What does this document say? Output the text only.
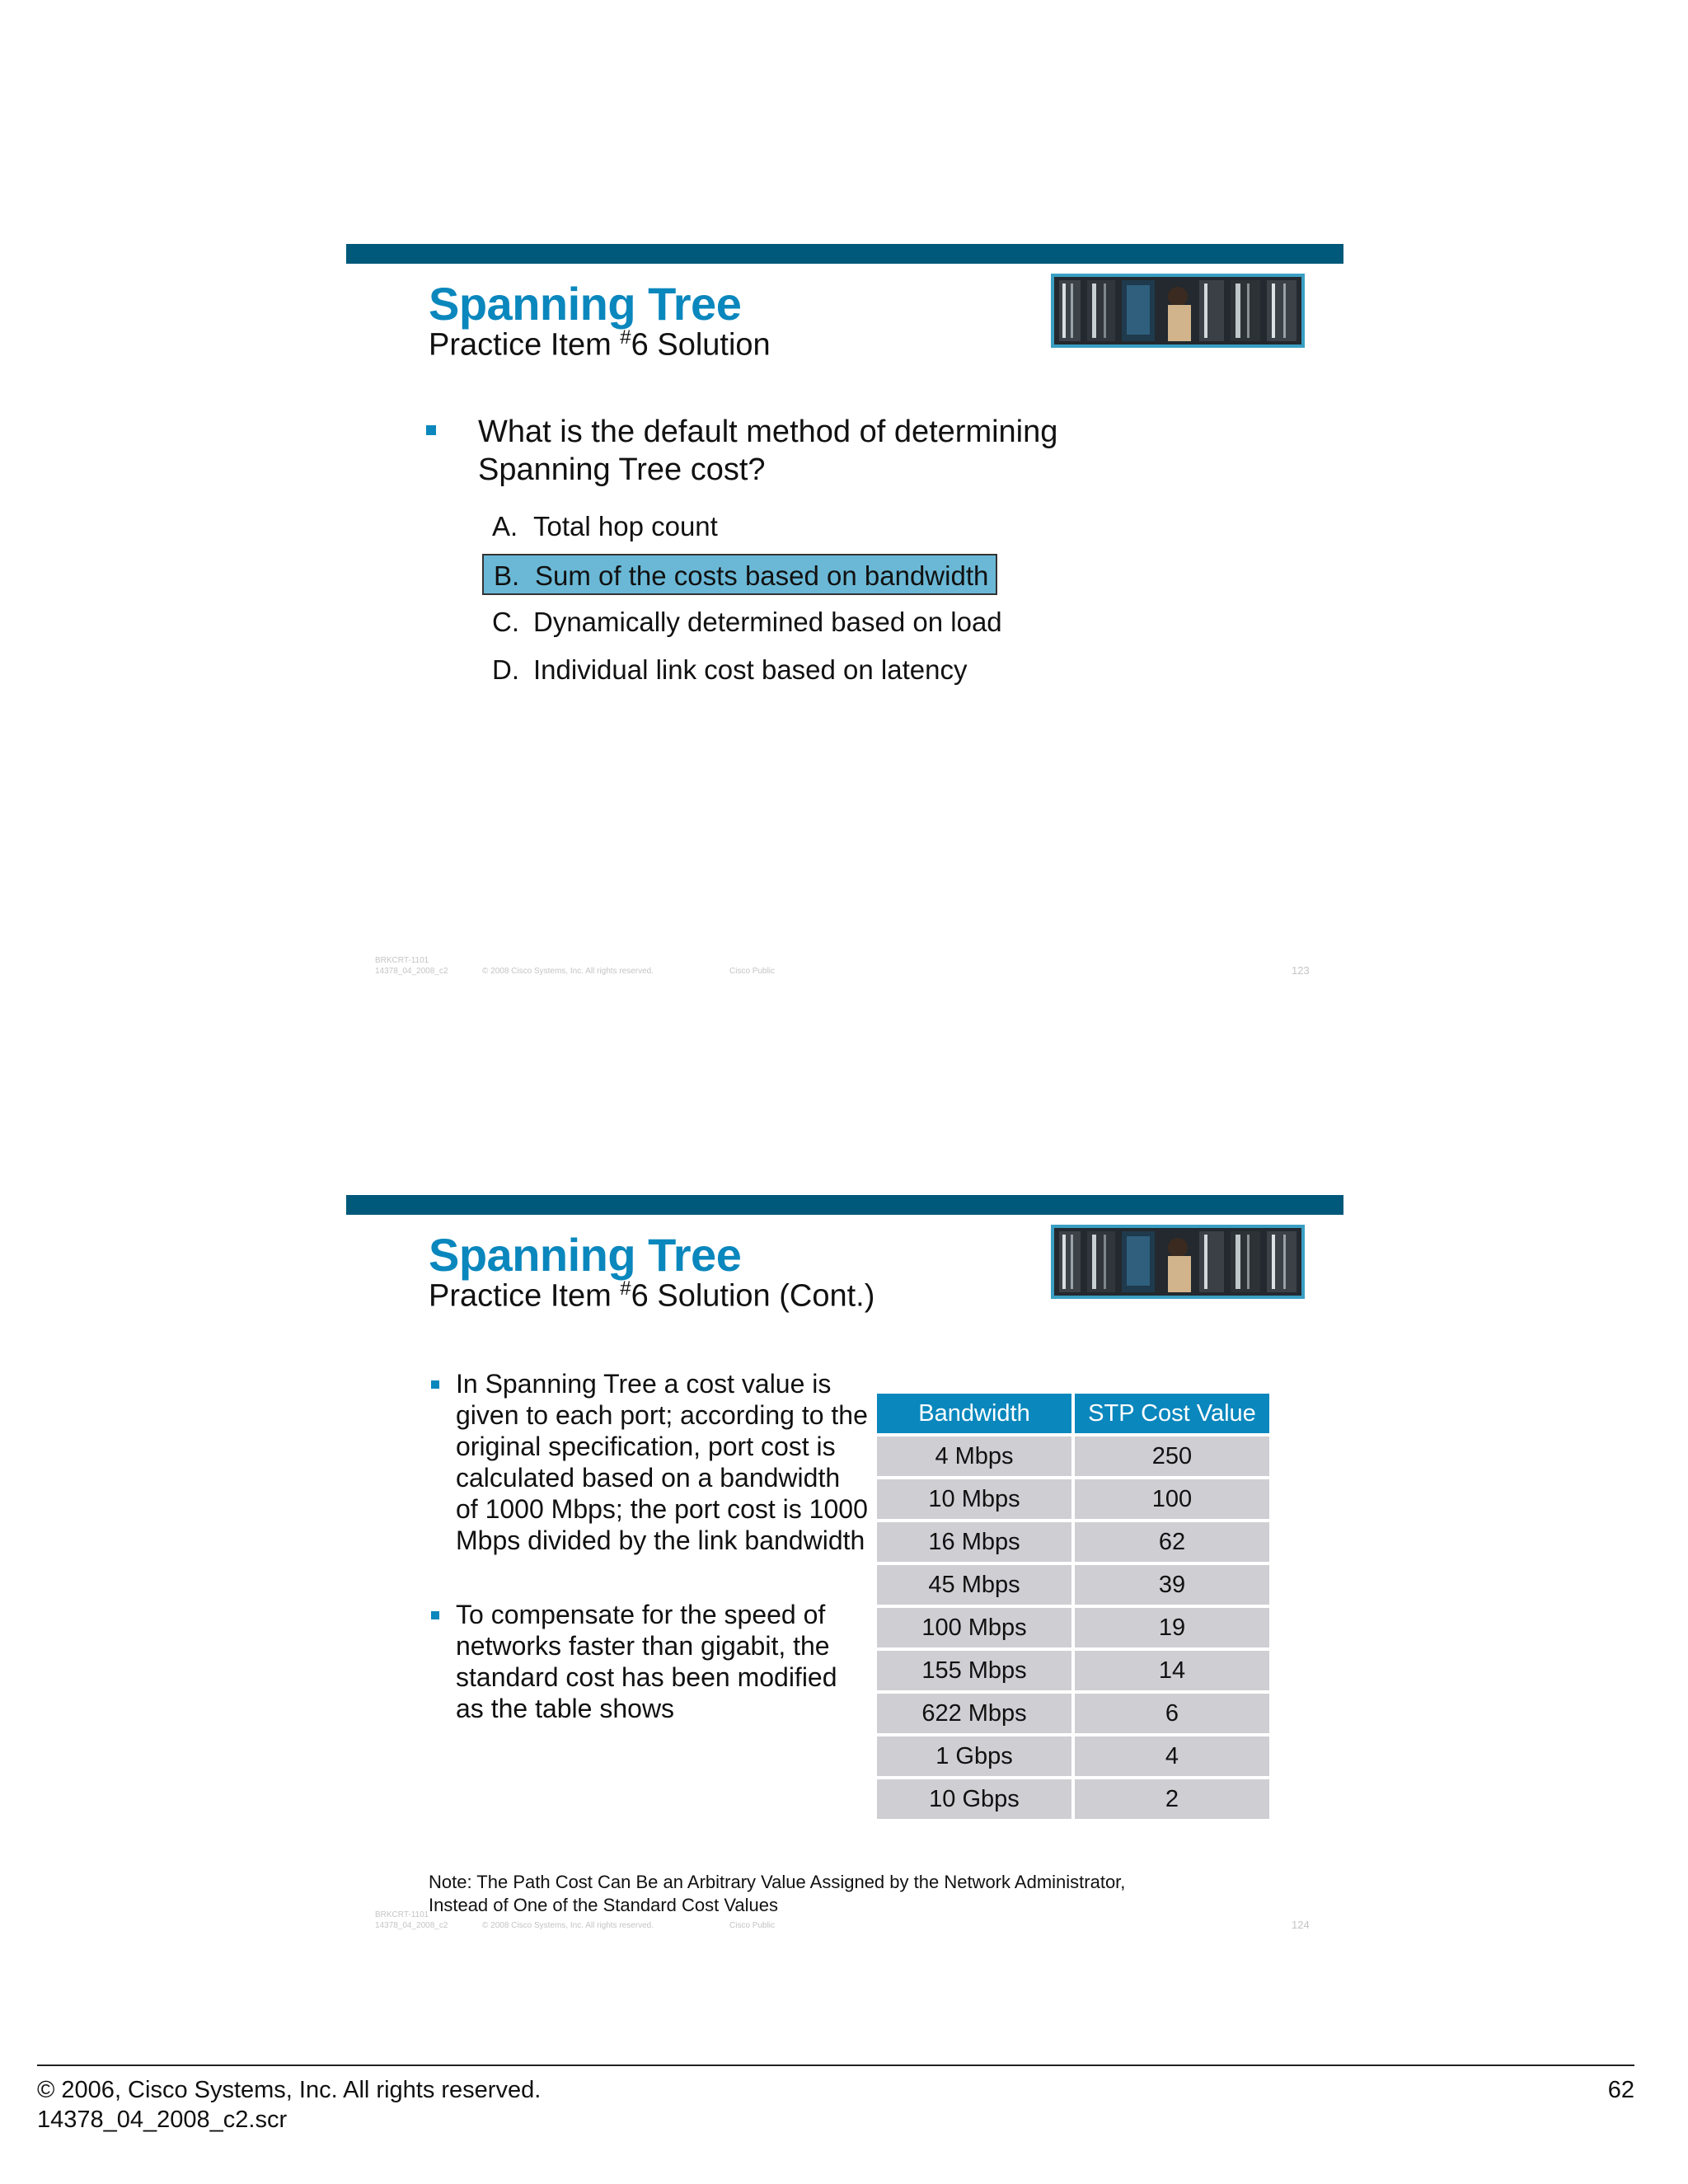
Spanning Tree
Practice Item #6 Solution
What is the default method of determining Spanning Tree cost?
A. Total hop count
B. Sum of the costs based on bandwidth
C. Dynamically determined based on load
D. Individual link cost based on latency
BRKCRT-1101
14378_04_2008_c2	© 2008 Cisco Systems, Inc. All rights reserved.	Cisco Public	123
Spanning Tree
Practice Item #6 Solution (Cont.)
In Spanning Tree a cost value is given to each port; according to the original specification, port cost is calculated based on a bandwidth of 1000 Mbps; the port cost is 1000 Mbps divided by the link bandwidth
To compensate for the speed of networks faster than gigabit, the standard cost has been modified as the table shows
Bandwidth	STP Cost Value
4 Mbps	250
10 Mbps	100
16 Mbps	62
45 Mbps	39
100 Mbps	19
155 Mbps	14
622 Mbps	6
1 Gbps	4
10 Gbps	2
Note: The Path Cost Can Be an Arbitrary Value Assigned by the Network Administrator, Instead of One of the Standard Cost Values
BRKCRT-1101
14378_04_2008_c2	© 2008 Cisco Systems, Inc. All rights reserved.	Cisco Public	124
© 2006, Cisco Systems, Inc. All rights reserved.
14378_04_2008_c2.scr
62
